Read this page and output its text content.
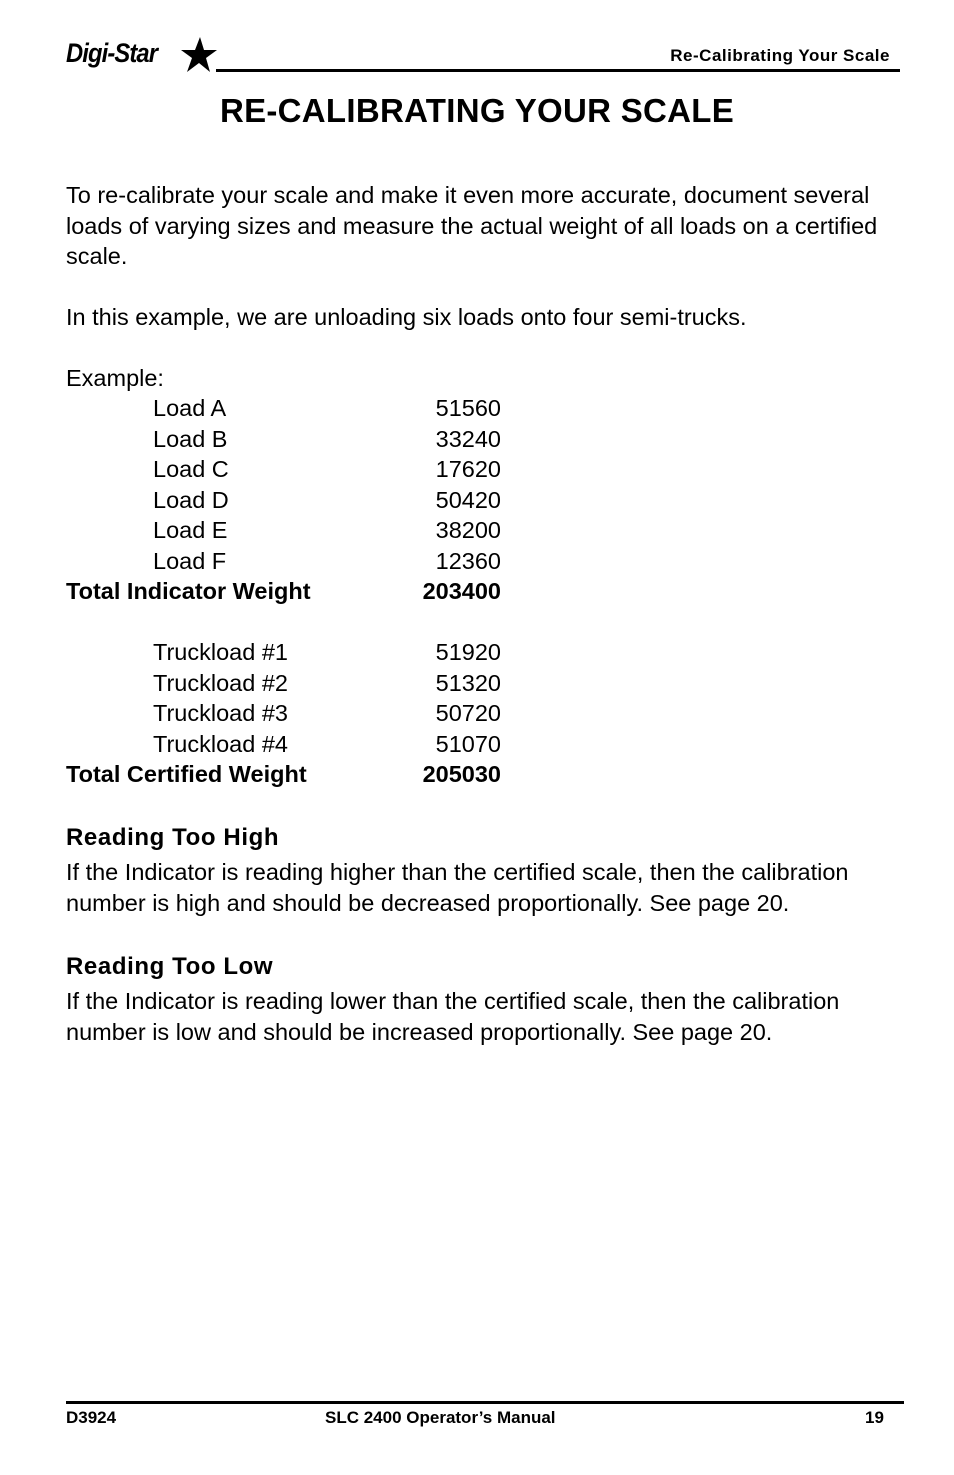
Digi-Star	Re-Calibrating Your Scale
RE-CALIBRATING YOUR SCALE
To re-calibrate your scale and make it even more accurate, document several loads of varying sizes and measure the actual weight of all loads on a certified scale.
In this example, we are unloading six loads onto four semi-trucks.
Example:
Load A	51560
Load B	33240
Load C	17620
Load D	50420
Load E	38200
Load F	12360
Total Indicator Weight	203400
Truckload #1	51920
Truckload #2	51320
Truckload #3	50720
Truckload #4	51070
Total Certified Weight	205030
Reading Too High
If the Indicator is reading higher than the certified scale, then the calibration number is high and should be decreased proportionally. See page 20.
Reading Too Low
If the Indicator is reading lower than the certified scale, then the calibration number is low and should be increased proportionally. See page 20.
D3924	SLC 2400 Operator’s Manual	19
